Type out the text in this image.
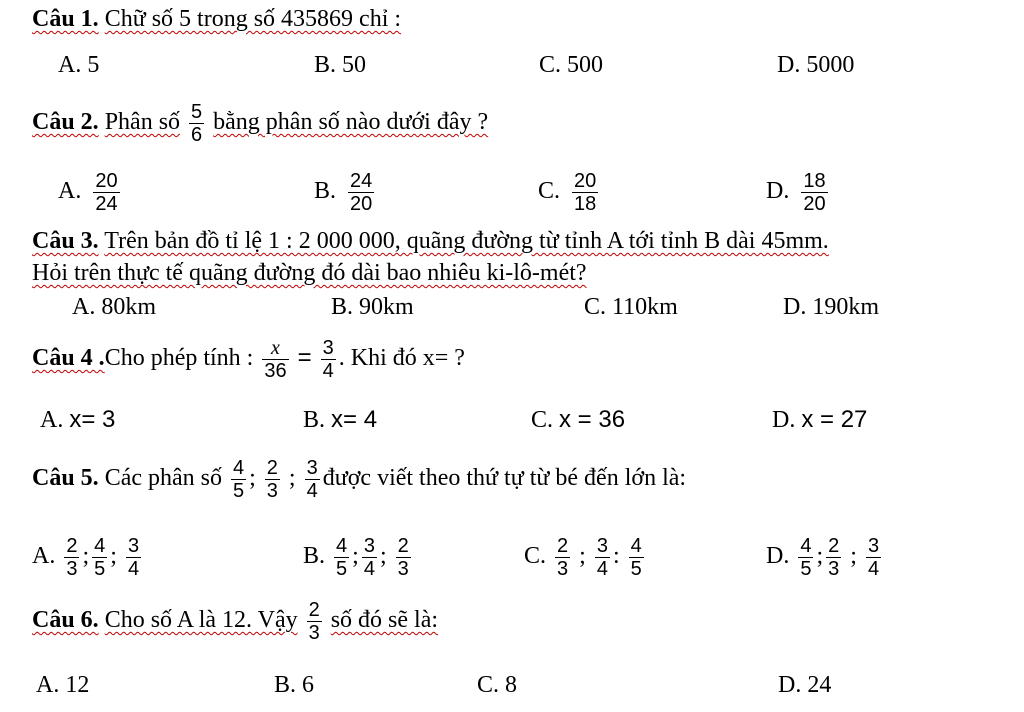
Câu 1. Chữ số 5 trong số 435869 chỉ :
A. 5	B. 50	C. 500	D. 5000
Câu 2. Phân số $\frac{5}{6}$ bằng phân số nào dưới đây ?
A. $\frac{20}{24}$	B. $\frac{24}{20}$	C. $\frac{20}{18}$	D. $\frac{18}{20}$
Câu 3. Trên bản đồ tỉ lệ 1 : 2 000 000, quãng đường từ tỉnh A tới tỉnh B dài 45mm.
Hỏi trên thực tế quãng đường đó dài bao nhiêu ki-lô-mét?
A. 80km	B. 90km	C. 110km	D. 190km
Câu 4 .Cho phép tính : $\frac{x}{36} = \frac{3}{4}$ . Khi đó x= ?
A. x= 3	B. x= 4	C. x = 36	D. x = 27
Câu 5. Các phân số $\frac{4}{5}$ ; $\frac{2}{3}$ ; $\frac{3}{4}$ được viết theo thứ tự từ bé đến lớn là:
A. $\frac{2}{3}$ ; $\frac{4}{5}$ ; $\frac{3}{4}$	B. $\frac{4}{5}$ ; $\frac{3}{4}$ ; $\frac{2}{3}$	C. $\frac{2}{3}$ ; $\frac{3}{4}$ : $\frac{4}{5}$	D. $\frac{4}{5}$ ; $\frac{2}{3}$ ; $\frac{3}{4}$
Câu 6. Cho số A là 12. Vậy $\frac{2}{3}$ số đó sẽ là:
A. 12	B. 6	C. 8	D. 24
